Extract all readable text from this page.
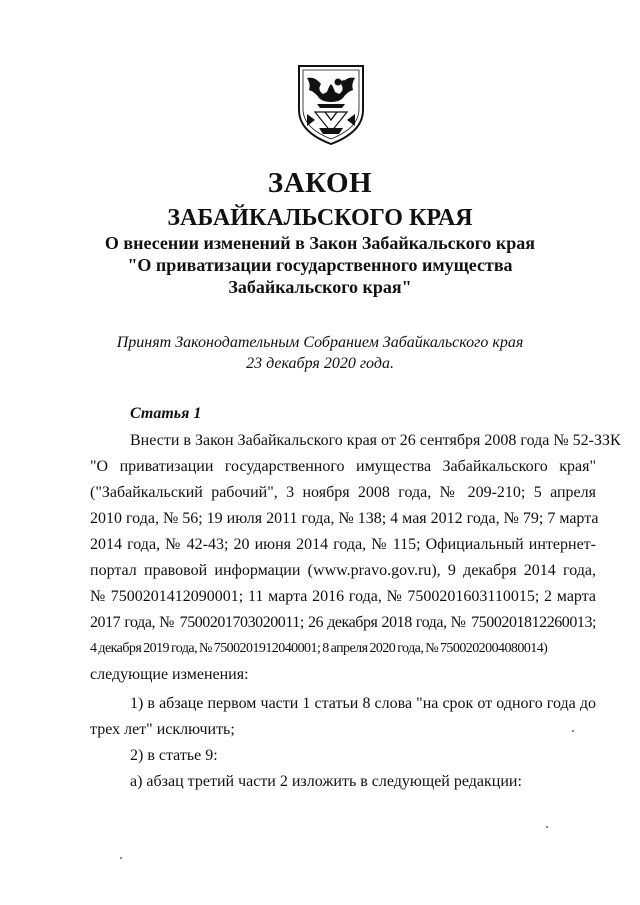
ЗАКОН
ЗАБАЙКАЛЬСКОГО КРАЯ
О внесении изменений в Закон Забайкальского края
"О приватизации государственного имущества
Забайкальского края"
Принят Законодательным Собранием Забайкальского края
23 декабря 2020 года.
Статья 1
Внести в Закон Забайкальского края от 26 сентября 2008 года № 52-ЗЗК
"О приватизации государственного имущества Забайкальского края"
("Забайкальский рабочий", 3 ноября 2008 года, № 209-210; 5 апреля
2010 года, № 56; 19 июля 2011 года, № 138; 4 мая 2012 года, № 79; 7 марта
2014 года, № 42-43; 20 июня 2014 года, № 115; Официальный интернет-
портал правовой информации (www.pravo.gov.ru), 9 декабря 2014 года,
№ 7500201412090001; 11 марта 2016 года, № 7500201603110015; 2 марта
2017 года, № 7500201703020011; 26 декабря 2018 года, № 7500201812260013;
4 декабря 2019 года, № 7500201912040001; 8 апреля 2020 года, № 7500202004080014)
следующие изменения:
1) в абзаце первом части 1 статьи 8 слова "на срок от одного года до
трех лет" исключить;
2) в статье 9:
а) абзац третий части 2 изложить в следующей редакции:
